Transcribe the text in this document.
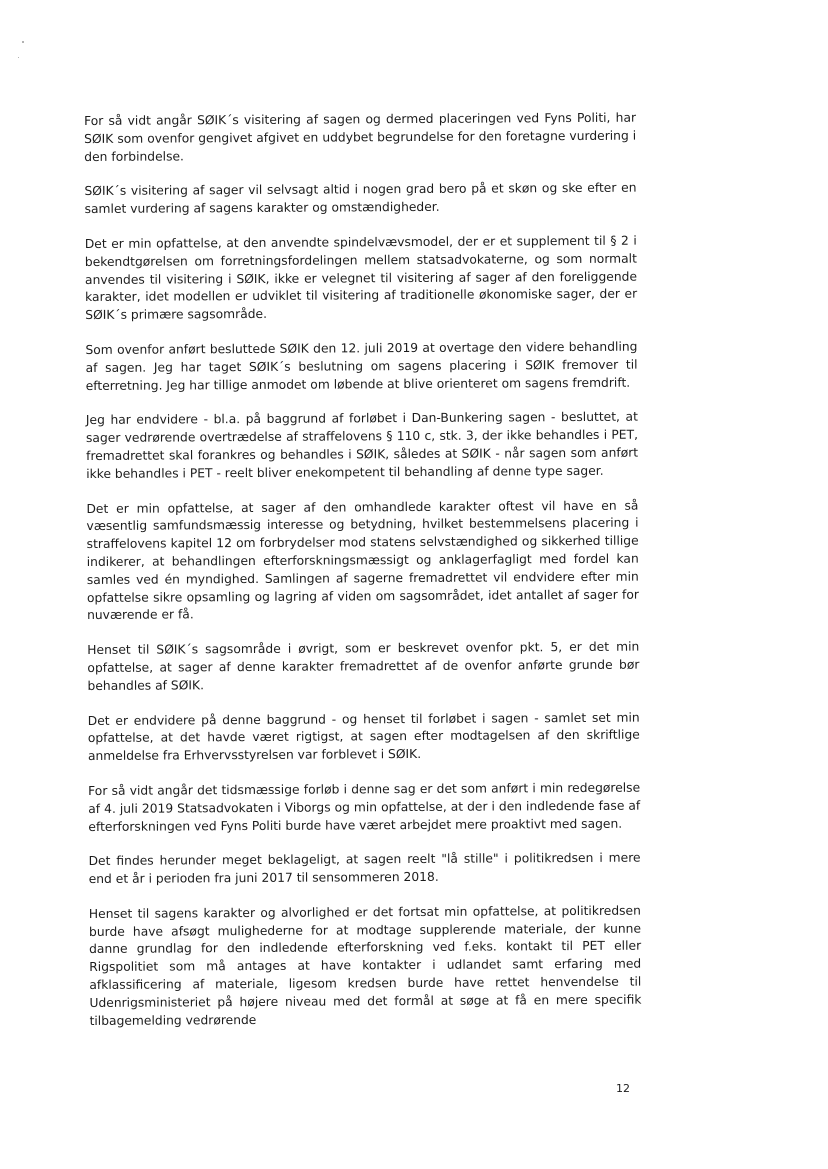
For så vidt angår SØIK´s visitering af sagen og dermed placeringen ved Fyns Politi, har SØIK som ovenfor gengivet afgivet en uddybet begrundelse for den foretagne vurdering i den forbindelse.

SØIK´s visitering af sager vil selvsagt altid i nogen grad bero på et skøn og ske efter en samlet vurdering af sagens karakter og omstændigheder.

Det er min opfattelse, at den anvendte spindelvævsmodel, der er et supplement til § 2 i bekendtgørelsen om forretningsfordelingen mellem statsadvokaterne, og som normalt anvendes til visitering i SØIK, ikke er velegnet til visitering af sager af den foreliggende karakter, idet modellen er udviklet til visitering af traditionelle økonomiske sager, der er SØIK´s primære sagsområde.

Som ovenfor anført besluttede SØIK den 12. juli 2019 at overtage den videre behandling af sagen. Jeg har taget SØIK´s beslutning om sagens placering i SØIK fremover til efterretning. Jeg har tillige anmodet om løbende at blive orienteret om sagens fremdrift.

Jeg har endvidere - bl.a. på baggrund af forløbet i Dan-Bunkering sagen - besluttet, at sager vedrørende overtrædelse af straffelovens § 110 c, stk. 3, der ikke behandles i PET, fremadrettet skal forankres og behandles i SØIK, således at SØIK - når sagen som anført ikke behandles i PET - reelt bliver enekompetent til behandling af denne type sager.

Det er min opfattelse, at sager af den omhandlede karakter oftest vil have en så væsentlig samfundsmæssig interesse og betydning, hvilket bestemmelsens placering i straffelovens kapitel 12 om forbrydelser mod statens selvstændighed og sikkerhed tillige indikerer, at behandlingen efterforskningsmæssigt og anklagerfagligt med fordel kan samles ved én myndighed. Samlingen af sagerne fremadrettet vil endvidere efter min opfattelse sikre opsamling og lagring af viden om sagsområdet, idet antallet af sager for nuværende er få.

Henset til SØIK´s sagsområde i øvrigt, som er beskrevet ovenfor pkt. 5, er det min opfattelse, at sager af denne karakter fremadrettet af de ovenfor anførte grunde bør behandles af SØIK.

Det er endvidere på denne baggrund - og henset til forløbet i sagen - samlet set min opfattelse, at det havde været rigtigst, at sagen efter modtagelsen af den skriftlige anmeldelse fra Erhvervsstyrelsen var forblevet i SØIK.

For så vidt angår det tidsmæssige forløb i denne sag er det som anført i min redegørelse af 4. juli 2019 Statsadvokaten i Viborgs og min opfattelse, at der i den indledende fase af efterforskningen ved Fyns Politi burde have været arbejdet mere proaktivt med sagen.

Det findes herunder meget beklageligt, at sagen reelt "lå stille" i politikredsen i mere end et år i perioden fra juni 2017 til sensommeren 2018.

Henset til sagens karakter og alvorlighed er det fortsat min opfattelse, at politikredsen burde have afsøgt mulighederne for at modtage supplerende materiale, der kunne danne grundlag for den indledende efterforskning ved f.eks. kontakt til PET eller Rigspolitiet som må antages at have kontakter i udlandet samt erfaring med afklassificering af materiale, ligesom kredsen burde have rettet henvendelse til Udenrigsministeriet på højere niveau med det formål at søge at få en mere specifik tilbagemelding vedrørende

12
